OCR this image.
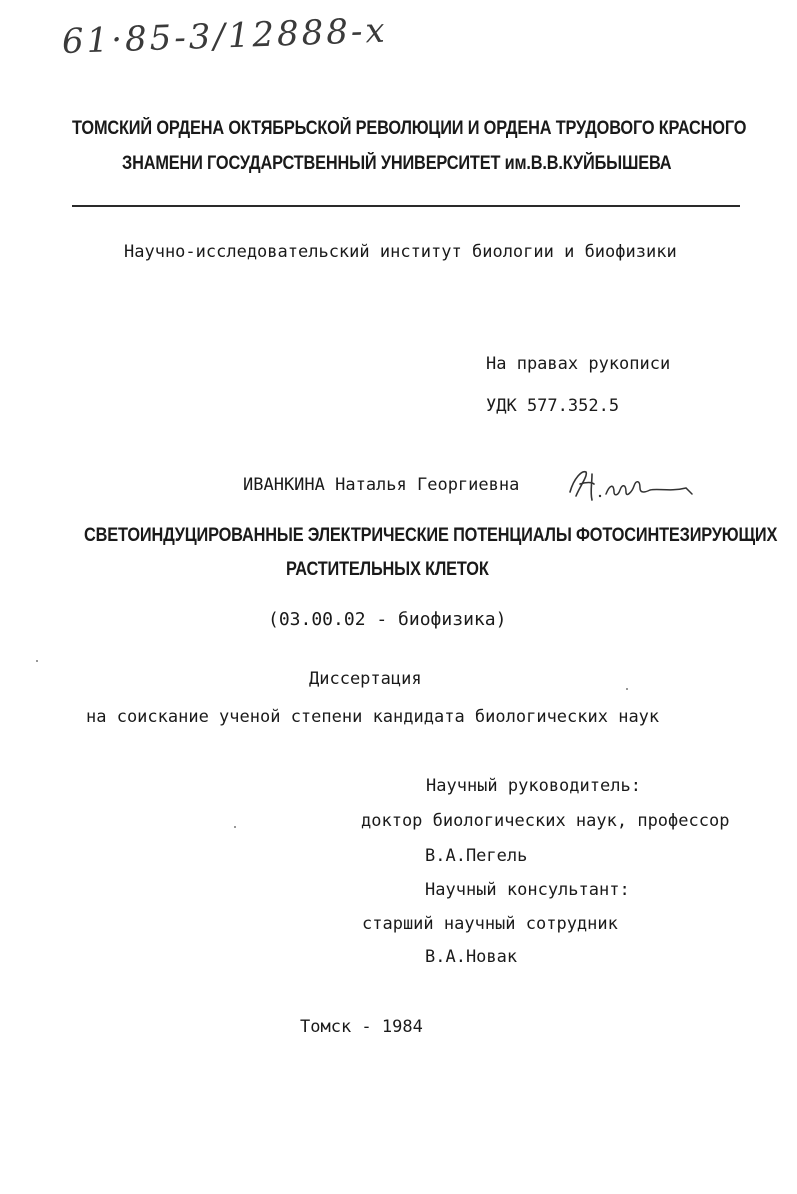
61·85-3/12888-х
ТОМСКИЙ ОРДЕНА ОКТЯБРЬСКОЙ РЕВОЛЮЦИИ И ОРДЕНА ТРУДОВОГО КРАСНОГО
ЗНАМЕНИ ГОСУДАРСТВЕННЫЙ УНИВЕРСИТЕТ им.В.В.КУЙБЫШЕВА
Научно-исследовательский институт биологии и биофизики
На правах рукописи
УДК 577.352.5
ИВАНКИНА Наталья Георгиевна
СВЕТОИНДУЦИРОВАННЫЕ ЭЛЕКТРИЧЕСКИЕ ПОТЕНЦИАЛЫ ФОТОСИНТЕЗИРУЮЩИХ
РАСТИТЕЛЬНЫХ КЛЕТОК
(03.00.02 - биофизика)
Диссертация
на соискание ученой степени кандидата биологических наук
Научный руководитель:
доктор биологических наук, профессор
В.А.Пегель
Научный консультант:
старший научный сотрудник
В.А.Новак
Томск - 1984
